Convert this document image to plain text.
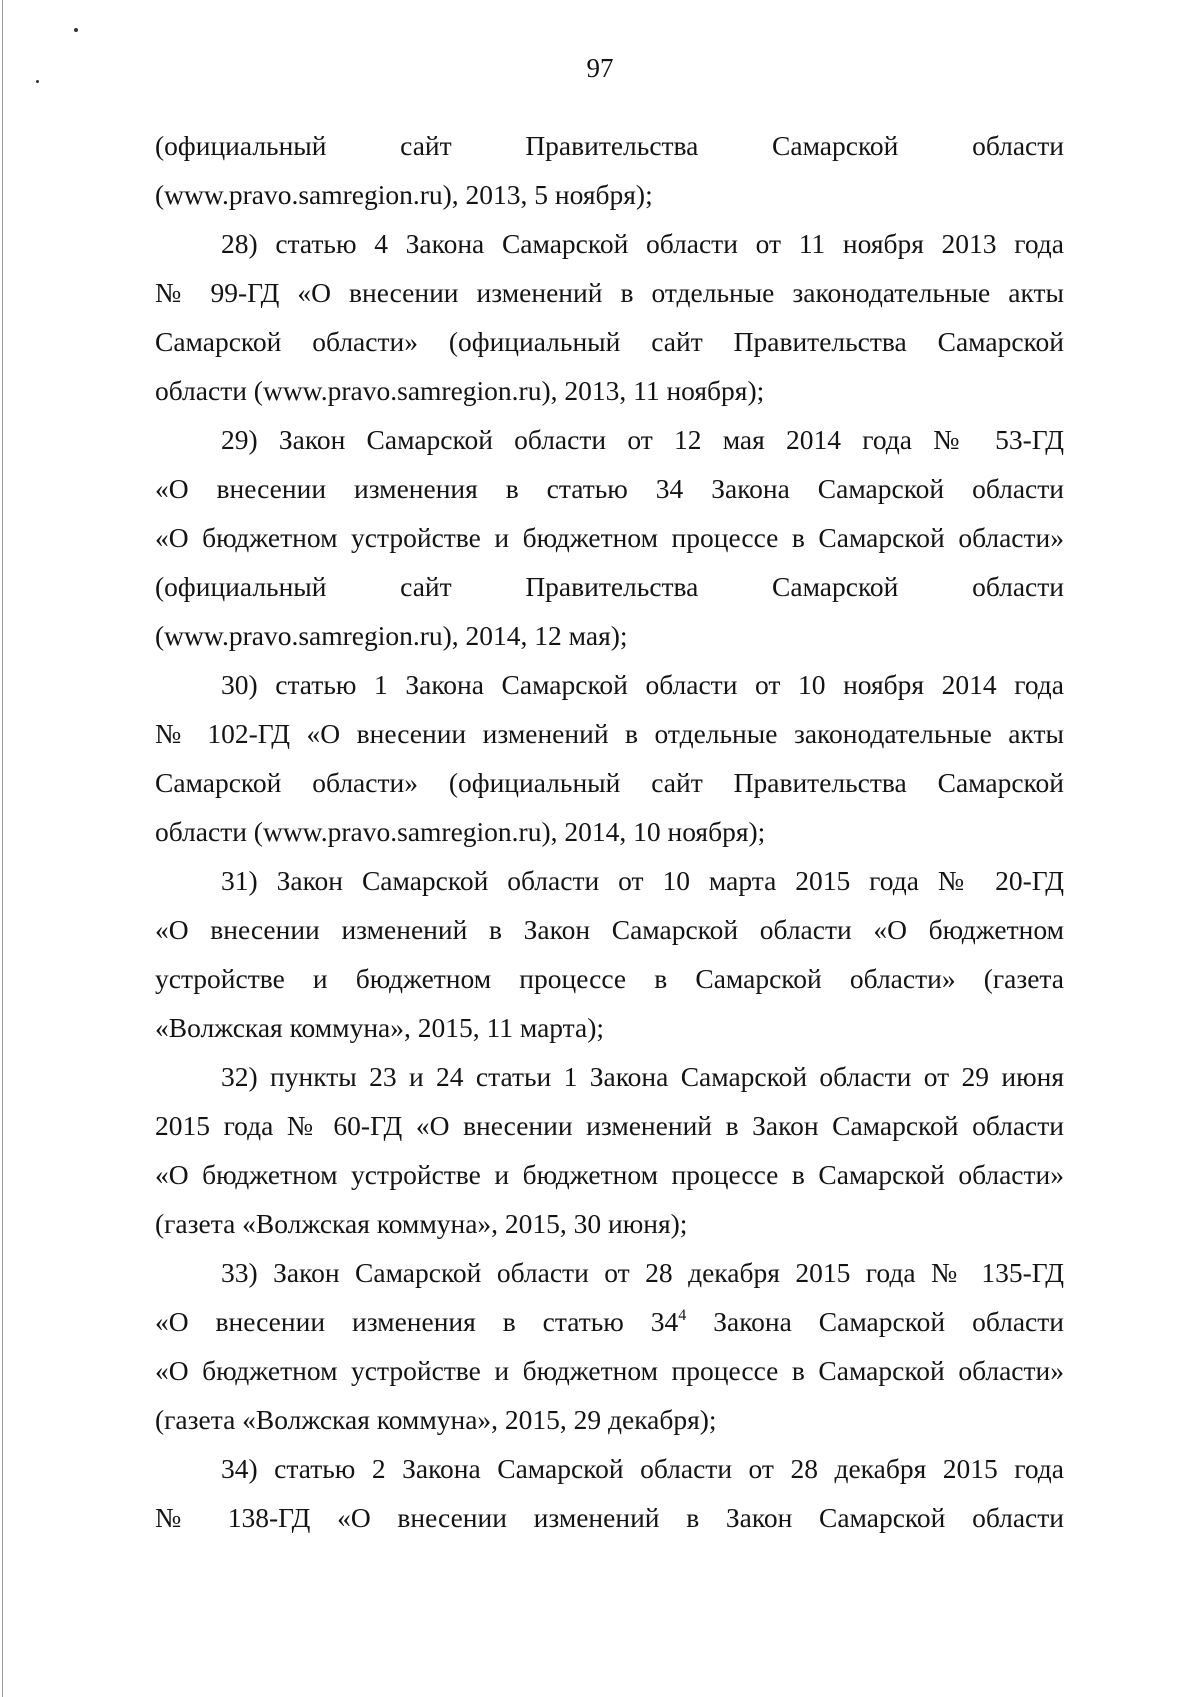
97
(официальный сайт Правительства Самарской области
(www.pravo.samregion.ru), 2013, 5 ноября);
28) статью 4 Закона Самарской области от 11 ноября 2013 года
№ 99-ГД «О внесении изменений в отдельные законодательные акты
Самарской области» (официальный сайт Правительства Самарской
области (www.pravo.samregion.ru), 2013, 11 ноября);
29) Закон Самарской области от 12 мая 2014 года № 53-ГД
«О внесении изменения в статью 34 Закона Самарской области
«О бюджетном устройстве и бюджетном процессе в Самарской области»
(официальный сайт Правительства Самарской области
(www.pravo.samregion.ru), 2014, 12 мая);
30) статью 1 Закона Самарской области от 10 ноября 2014 года
№ 102-ГД «О внесении изменений в отдельные законодательные акты
Самарской области» (официальный сайт Правительства Самарской
области (www.pravo.samregion.ru), 2014, 10 ноября);
31) Закон Самарской области от 10 марта 2015 года № 20-ГД
«О внесении изменений в Закон Самарской области «О бюджетном
устройстве и бюджетном процессе в Самарской области» (газета
«Волжская коммуна», 2015, 11 марта);
32) пункты 23 и 24 статьи 1 Закона Самарской области от 29 июня
2015 года № 60-ГД «О внесении изменений в Закон Самарской области
«О бюджетном устройстве и бюджетном процессе в Самарской области»
(газета «Волжская коммуна», 2015, 30 июня);
33) Закон Самарской области от 28 декабря 2015 года № 135-ГД
«О внесении изменения в статью $34^4$ Закона Самарской области
«О бюджетном устройстве и бюджетном процессе в Самарской области»
(газета «Волжская коммуна», 2015, 29 декабря);
34) статью 2 Закона Самарской области от 28 декабря 2015 года
№ 138-ГД «О внесении изменений в Закон Самарской области
